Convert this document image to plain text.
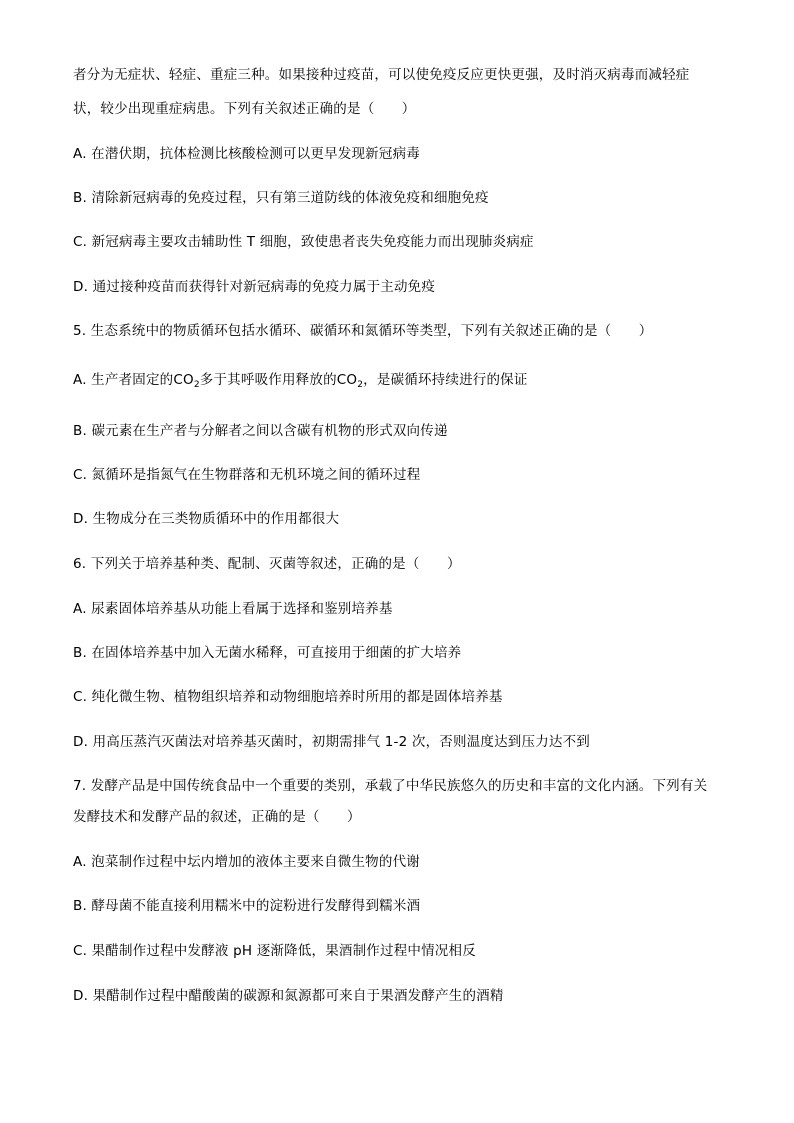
者分为无症状、轻症、重症三种。如果接种过疫苗，可以使免疫反应更快更强，及时消灭病毒而减轻症
状，较少出现重症病患。下列有关叙述正确的是（　　）
A. 在潜伏期，抗体检测比核酸检测可以更早发现新冠病毒
B. 清除新冠病毒的免疫过程，只有第三道防线的体液免疫和细胞免疫
C. 新冠病毒主要攻击辅助性 T 细胞，致使患者丧失免疫能力而出现肺炎病症
D. 通过接种疫苗而获得针对新冠病毒的免疫力属于主动免疫
5. 生态系统中的物质循环包括水循环、碳循环和氮循环等类型，下列有关叙述正确的是（　　）
A. 生产者固定的$CO_2$多于其呼吸作用释放的$CO_2$，是碳循环持续进行的保证
B. 碳元素在生产者与分解者之间以含碳有机物的形式双向传递
C. 氮循环是指氮气在生物群落和无机环境之间的循环过程
D. 生物成分在三类物质循环中的作用都很大
6. 下列关于培养基种类、配制、灭菌等叙述，正确的是（　　）
A. 尿素固体培养基从功能上看属于选择和鉴别培养基
B. 在固体培养基中加入无菌水稀释，可直接用于细菌的扩大培养
C. 纯化微生物、植物组织培养和动物细胞培养时所用的都是固体培养基
D. 用高压蒸汽灭菌法对培养基灭菌时，初期需排气 1-2 次，否则温度达到压力达不到
7. 发酵产品是中国传统食品中一个重要的类别，承载了中华民族悠久的历史和丰富的文化内涵。下列有关
发酵技术和发酵产品的叙述，正确的是（　　）
A. 泡菜制作过程中坛内增加的液体主要来自微生物的代谢
B. 酵母菌不能直接利用糯米中的淀粉进行发酵得到糯米酒
C. 果醋制作过程中发酵液 pH 逐渐降低，果酒制作过程中情况相反
D. 果醋制作过程中醋酸菌的碳源和氮源都可来自于果酒发酵产生的酒精
